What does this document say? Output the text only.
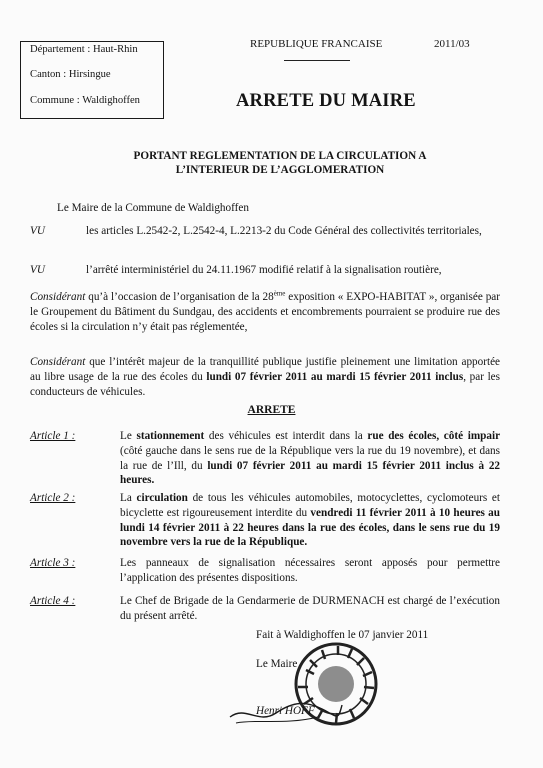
Département : Haut-Rhin
Canton : Hirsingue
Commune : Waldighoffen
REPUBLIQUE FRANCAISE	2011/03
ARRETE DU MAIRE
PORTANT REGLEMENTATION DE LA CIRCULATION A
L’INTERIEUR DE L’AGGLOMERATION
Le Maire de la Commune de Waldighoffen
VU	les articles L.2542-2, L.2542-4, L.2213-2 du Code Général des collectivités territoriales,
VU	l’arrêté interministériel du 24.11.1967 modifié relatif à la signalisation routière,
Considérant qu’à l’occasion de l’organisation de la 28ème exposition « EXPO-HABITAT », organisée par le Groupement du Bâtiment du Sundgau, des accidents et encombrements pourraient se produire rue des écoles si la circulation n’y était pas réglementée,
Considérant que l’intérêt majeur de la tranquillité publique justifie pleinement une limitation apportée au libre usage de la rue des écoles du lundi 07 février 2011 au mardi 15 février 2011 inclus, par les conducteurs de véhicules.
ARRETE
Article 1 :	Le stationnement des véhicules est interdit dans la rue des écoles, côté impair (côté gauche dans le sens rue de la République vers la rue du 19 novembre), et dans la rue de l’Ill, du lundi 07 février 2011 au mardi 15 février 2011 inclus à 22 heures.
Article 2 :	La circulation de tous les véhicules automobiles, motocyclettes, cyclomoteurs et bicyclette est rigoureusement interdite du vendredi 11 février 2011 à 10 heures au lundi 14 février 2011 à 22 heures dans la rue des écoles, dans le sens rue du 19 novembre vers la rue de la République.
Article 3 :	Les panneaux de signalisation nécessaires seront apposés pour permettre l’application des présentes dispositions.
Article 4 :	Le Chef de Brigade de la Gendarmerie de DURMENACH est chargé de l’exécution du présent arrêté.
Fait à Waldighoffen le 07 janvier 2011
Le Maire
Henri HOFF
